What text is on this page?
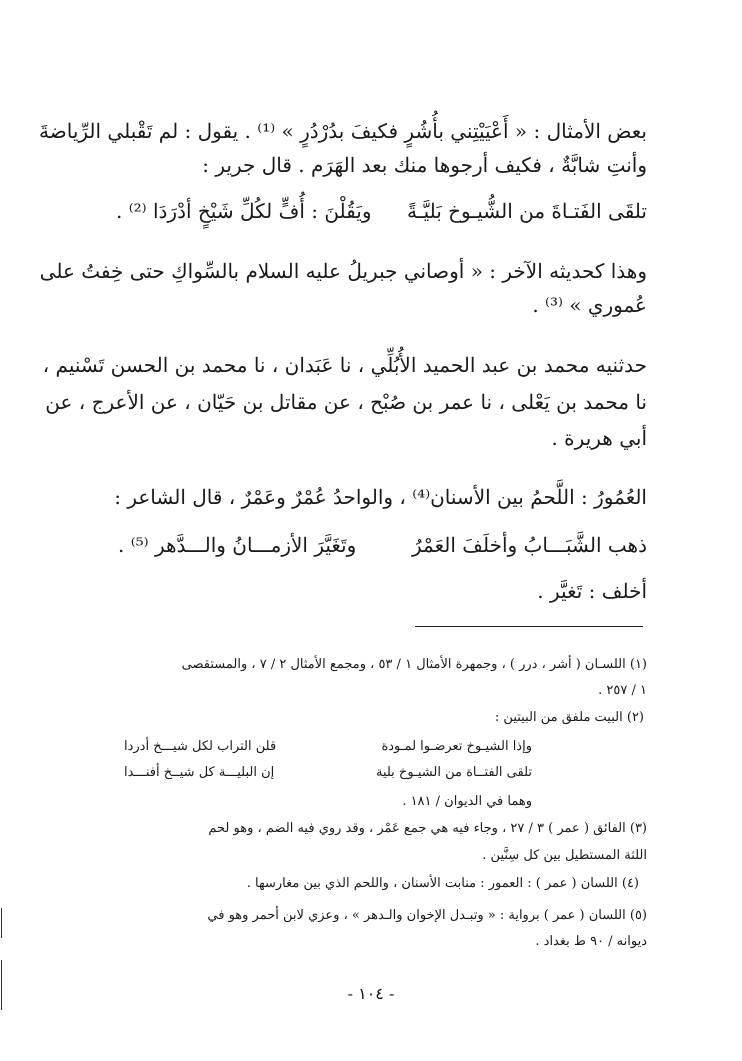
بعض الأمثال : « أَعْيَيْتِني بأُشُرٍ فكيفَ بدُرْدُرٍ » ⁽¹⁾ . يقول : لم تَقْبلي الرِّياضةَ
وأنتِ شابَّةٌ ، فكيف أرجوها منك بعد الهَرَم . قال جرير :
تلقَى الفَتـاةَ من الشُّيـوخ بَليَّـةً
ويَقُلْنَ : أُفٍّ لكُلِّ شَيْخٍ أدْرَدَا ⁽²⁾ .
وهذا كحديثه الآخر : « أوصاني جبريلُ عليه السلام بالسِّواكِ حتى خِفتُ على
عُموري » ⁽³⁾ .
حدثنيه محمد بن عبد الحميد الأُبُلِّي ، نا عَبَدان ، نا محمد بن الحسن تَسْنيم ،
نا محمد بن يَعْلى ، نا عمر بن صُبْح ، عن مقاتل بن حَيّان ، عن الأعرج ، عن
أبي هريرة .
العُمُورُ : اللَّحمُ بين الأسنان⁽⁴⁾ ، والواحدُ عُمْرٌ وعَمْرٌ ، قال الشاعر :
ذهب الشَّبَـــابُ وأخلَفَ العَمْرُ
وتَغَيَّرَ الأزمـــانُ والـــدَّهر ⁽⁵⁾ .
أخلف : تَغيَّر .
(١) اللسـان ( أشر ، درر ) ، وجمهرة الأمثال ١ / ٥٣ ، ومجمع الأمثال ٢ / ٧ ، والمستقصى
١ / ٢٥٧ .
(٢) البيت ملفق من البيتين :
وإذا الشيـوخ تعرضـوا لمـودة
قلن التراب لكل شيـــخ أدردا
تلقى الفتــاة من الشيـوخ بلية
إن البليـــة كل شيــخ أفنـــدا
وهما في الديوان / ١٨١ .
(٣) الفائق ( عمر ) ٣ / ٢٧ ، وجاء فيه هي جمع عَمْر ، وقد روي فيه الضم ، وهو لحم
اللثة المستطيل بين كل سِنَّين .
(٤) اللسان ( عمر ) : العمور : منابت الأسنان ، واللحم الذي بين مغارسها .
(٥) اللسان ( عمر ) برواية : « وتبـدل الإخوان والـدهر » ، وعزي لابن أحمر وهو في
ديوانه / ٩٠ ط بغداد .
- ١٠٤ -
